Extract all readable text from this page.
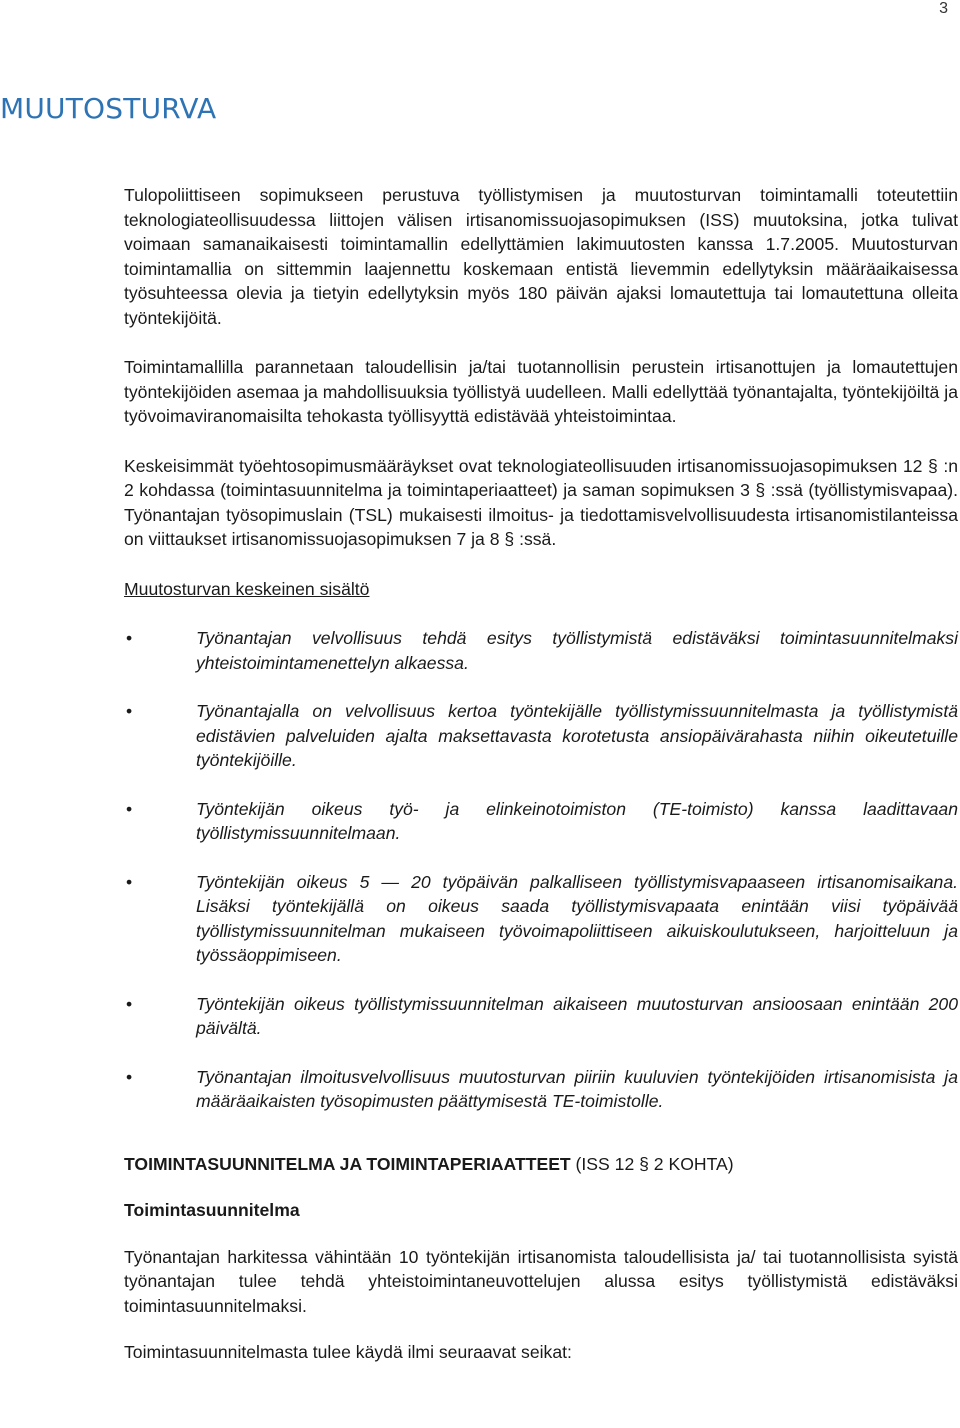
3
MUUTOSTURVA

Tulopoliittiseen sopimukseen perustuva työllistymisen ja muutosturvan toimintamalli toteutettiin teknologiateollisuudessa liittojen välisen irtisanomissuojasopimuksen (ISS) muutoksina, jotka tulivat voimaan samanaikaisesti toimintamallin edellyttämien lakimuutosten kanssa 1.7.2005. Muutosturvan toimintamallia on sittemmin laajennettu koskemaan entistä lievemmin edellytyksin määräaikaisessa työsuhteessa olevia ja tietyin edellytyksin myös 180 päivän ajaksi lomautettuja tai lomautettuna olleita työntekijöitä.

Toimintamallilla parannetaan taloudellisin ja/tai tuotannollisin perustein irtisanottujen ja lomautettujen työntekijöiden asemaa ja mahdollisuuksia työllistyä uudelleen. Malli edellyttää työnantajalta, työntekijöiltä ja työvoimaviranomaisilta tehokasta työllisyyttä edistävää yhteistoimintaa.

Keskeisimmät työehtosopimusmääräykset ovat teknologiateollisuuden irtisanomissuojasopimuksen 12 § :n 2 kohdassa (toimintasuunnitelma ja toimintaperiaatteet) ja saman sopimuksen 3 § :ssä (työllistymisvapaa). Työnantajan työsopimuslain (TSL) mukaisesti ilmoitus- ja tiedottamisvelvollisuudesta irtisanomistilanteissa on viittaukset irtisanomissuojasopimuksen 7 ja 8 § :ssä.

Muutosturvan keskeinen sisältö

•	Työnantajan velvollisuus tehdä esitys työllistymistä edistäväksi toimintasuunnitelmaksi yhteistoimintamenettelyn alkaessa.
•	Työnantajalla on velvollisuus kertoa työntekijälle työllistymissuunnitelmasta ja työllistymistä edistävien palveluiden ajalta maksettavasta korotetusta ansiopäivärahasta niihin oikeutetuille työntekijöille.
•	Työntekijän oikeus työ- ja elinkeinotoimiston (TE-toimisto) kanssa laadittavaan työllistymissuunnitelmaan.
•	Työntekijän oikeus 5 — 20 työpäivän palkalliseen työllistymisvapaaseen irtisanomisaikana. Lisäksi työntekijällä on oikeus saada työllistymisvapaata enintään viisi työpäivää työllistymissuunnitelman mukaiseen työvoimapoliittiseen aikuiskoulutukseen, harjoitteluun ja työssäoppimiseen.
•	Työntekijän oikeus työllistymissuunnitelman aikaiseen muutosturvan ansioosaan enintään 200 päivältä.
•	Työnantajan ilmoitusvelvollisuus muutosturvan piiriin kuuluvien työntekijöiden irtisanomisista ja määräaikaisten työsopimusten päättymisestä TE-toimistolle.

TOIMINTASUUNNITELMA JA TOIMINTAPERIAATTEET (ISS 12 § 2 KOHTA)

Toimintasuunnitelma

Työnantajan harkitessa vähintään 10 työntekijän irtisanomista taloudellisista ja/ tai tuotannollisista syistä työnantajan tulee tehdä yhteistoimintaneuvottelujen alussa esitys työllistymistä edistäväksi toimintasuunnitelmaksi.

Toimintasuunnitelmasta tulee käydä ilmi seuraavat seikat:
